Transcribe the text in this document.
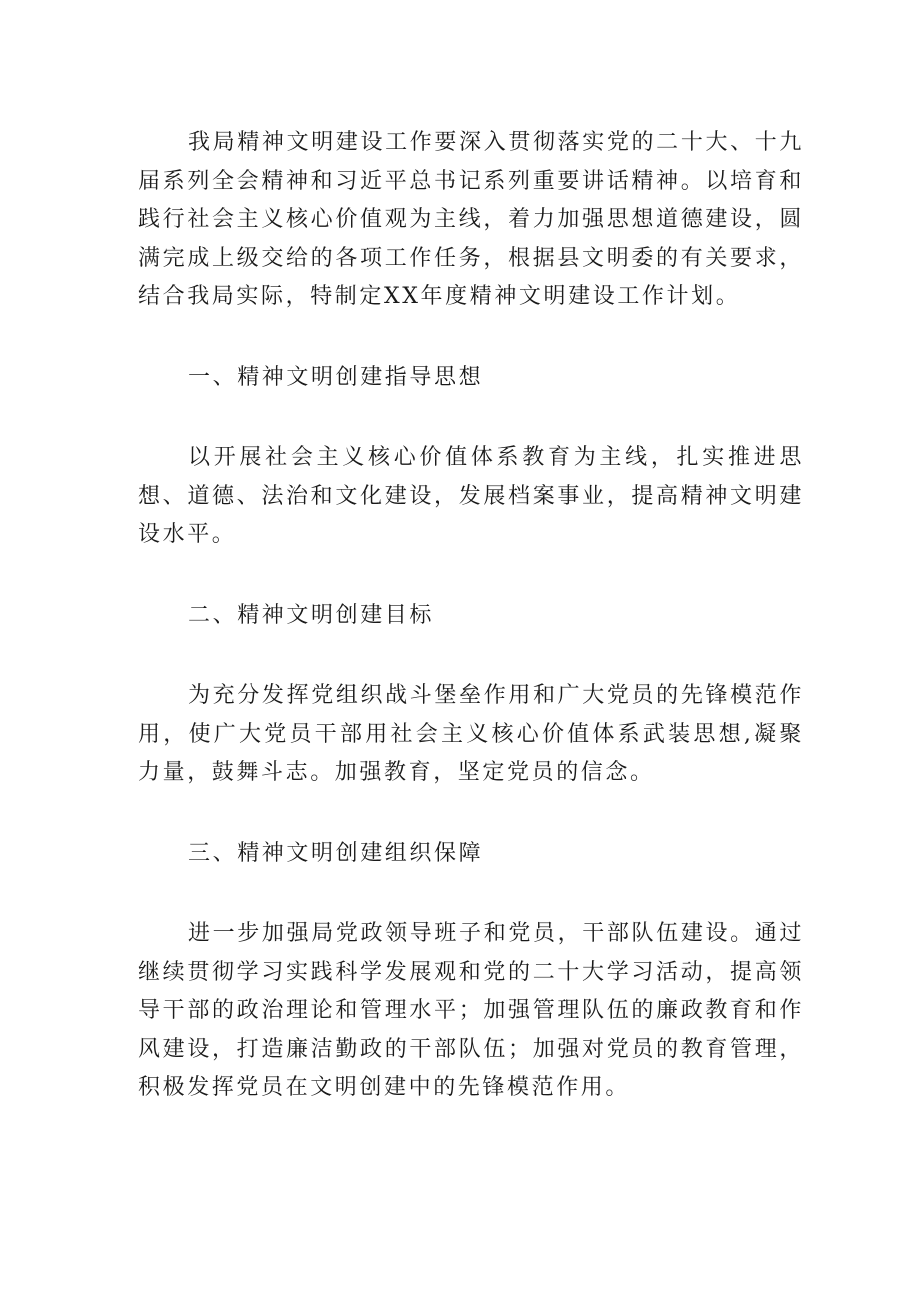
我局精神文明建设工作要深入贯彻落实党的二十大、十九届系列全会精神和习近平总书记系列重要讲话精神。以培育和践行社会主义核心价值观为主线，着力加强思想道德建设，圆满完成上级交给的各项工作任务，根据县文明委的有关要求，结合我局实际，特制定XX年度精神文明建设工作计划。

一、精神文明创建指导思想

以开展社会主义核心价值体系教育为主线，扎实推进思想、道德、法治和文化建设，发展档案事业，提高精神文明建设水平。

二、精神文明创建目标

为充分发挥党组织战斗堡垒作用和广大党员的先锋模范作用，使广大党员干部用社会主义核心价值体系武装思想,凝聚力量，鼓舞斗志。加强教育，坚定党员的信念。

三、精神文明创建组织保障

进一步加强局党政领导班子和党员，干部队伍建设。通过继续贯彻学习实践科学发展观和党的二十大学习活动，提高领导干部的政治理论和管理水平；加强管理队伍的廉政教育和作风建设，打造廉洁勤政的干部队伍；加强对党员的教育管理，积极发挥党员在文明创建中的先锋模范作用。
